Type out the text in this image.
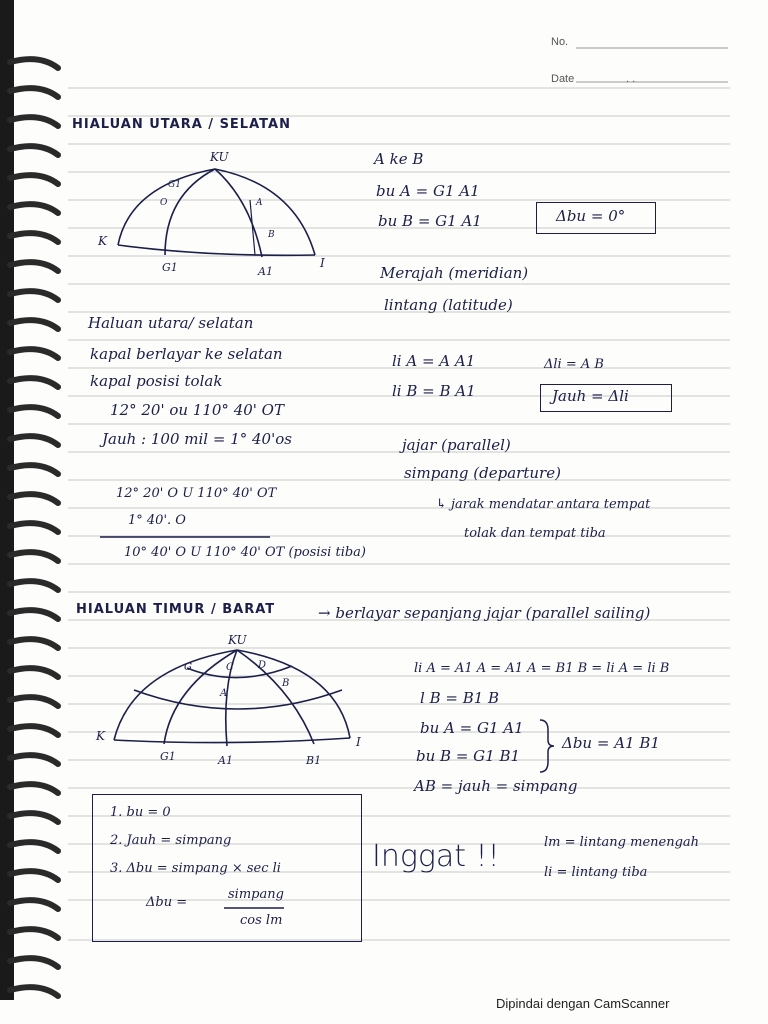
No.
Date	. .
HIALUAN UTARA / SELATAN
KU
K
I
G1	A1
G1
O	A
B
A ke B
bu A = G1 A1
bu B = G1 A1	Δbu = 0°
Merajah (meridian)
lintang (latitude)
Haluan utara/ selatan
kapal berlayar ke selatan
kapal posisi tolak
12° 20' ou 110° 40' OT
Jauh : 100 mil = 1° 40'os
li A = A A1
li B = B A1
Δli = A B
Jauh = Δli
jajar (parallel)
simpang (departure)
↳ jarak mendatar antara tempat
tolak dan tempat tiba
12° 20' O U 110° 40' OT
1° 40'. O
10° 40' O U 110° 40' OT (posisi tiba)
HIALUAN TIMUR / BARAT	→ berlayar sepanjang jajar (parallel sailing)
KU
K	I
G	C D
A
B
G1	A1	B1
li A = A1 A = A1 A = B1 B = li A = li B
l B = B1 B
bu A = G1 A1
bu B = G1 B1
Δbu = A1 B1
AB = jauh = simpang
1. bu = 0
2. Jauh = simpang
3. Δbu = simpang × sec li
Δbu =
simpang
cos lm
Inggat !!	lm = lintang menengah
li = lintang tiba
Dipindai dengan CamScanner
